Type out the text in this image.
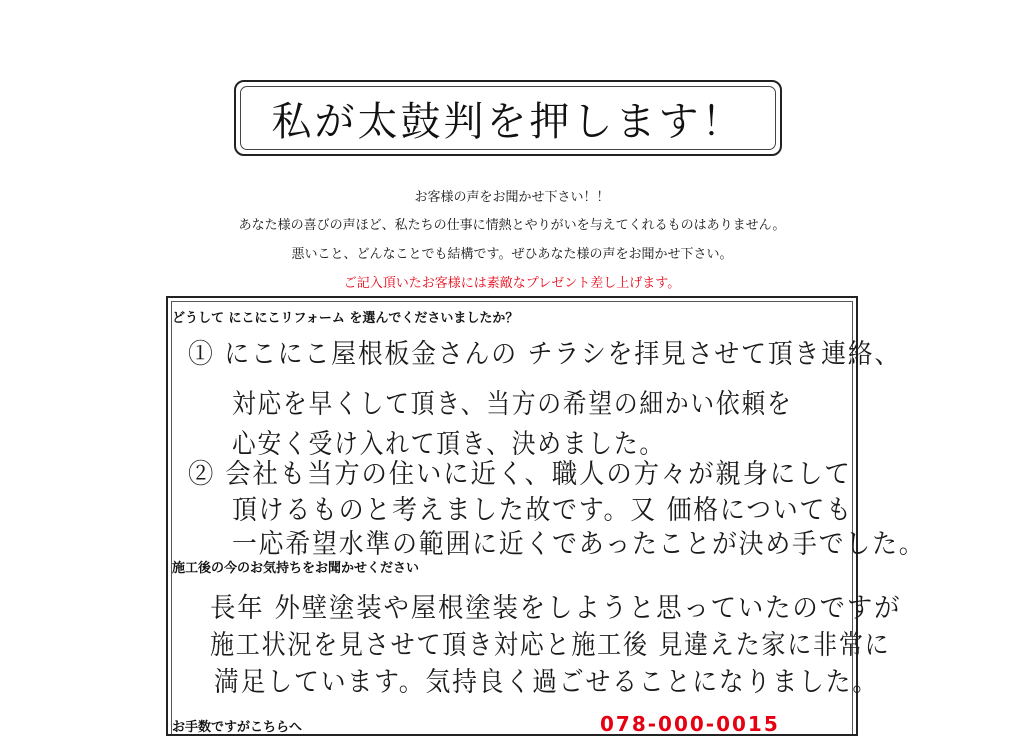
私が太鼓判を押します！
お客様の声をお聞かせ下さい！！
あなた様の喜びの声ほど、私たちの仕事に情熱とやりがいを与えてくれるものはありません。
悪いこと、どんなことでも結構です。ぜひあなた様の声をお聞かせ下さい。
ご記入頂いたお客様には素敵なプレゼント差し上げます。
どうして にこにこリフォーム を選んでくださいましたか？
① にこにこ屋根板金さんの チラシを拝見させて頂き連絡、
対応を早くして頂き、当方の希望の細かい依頼を
心安く受け入れて頂き、決めました。
② 会社も当方の住いに近く、職人の方々が親身にして
頂けるものと考えました故です。又 価格についても
一応希望水準の範囲に近くであったことが決め手でした。
施工後の今のお気持ちをお聞かせください
長年 外壁塗装や屋根塗装をしようと思っていたのですが
施工状況を見させて頂き対応と施工後 見違えた家に非常に
満足しています。気持良く過ごせることになりました。
お手数ですがこちらへ	078-000-0015
